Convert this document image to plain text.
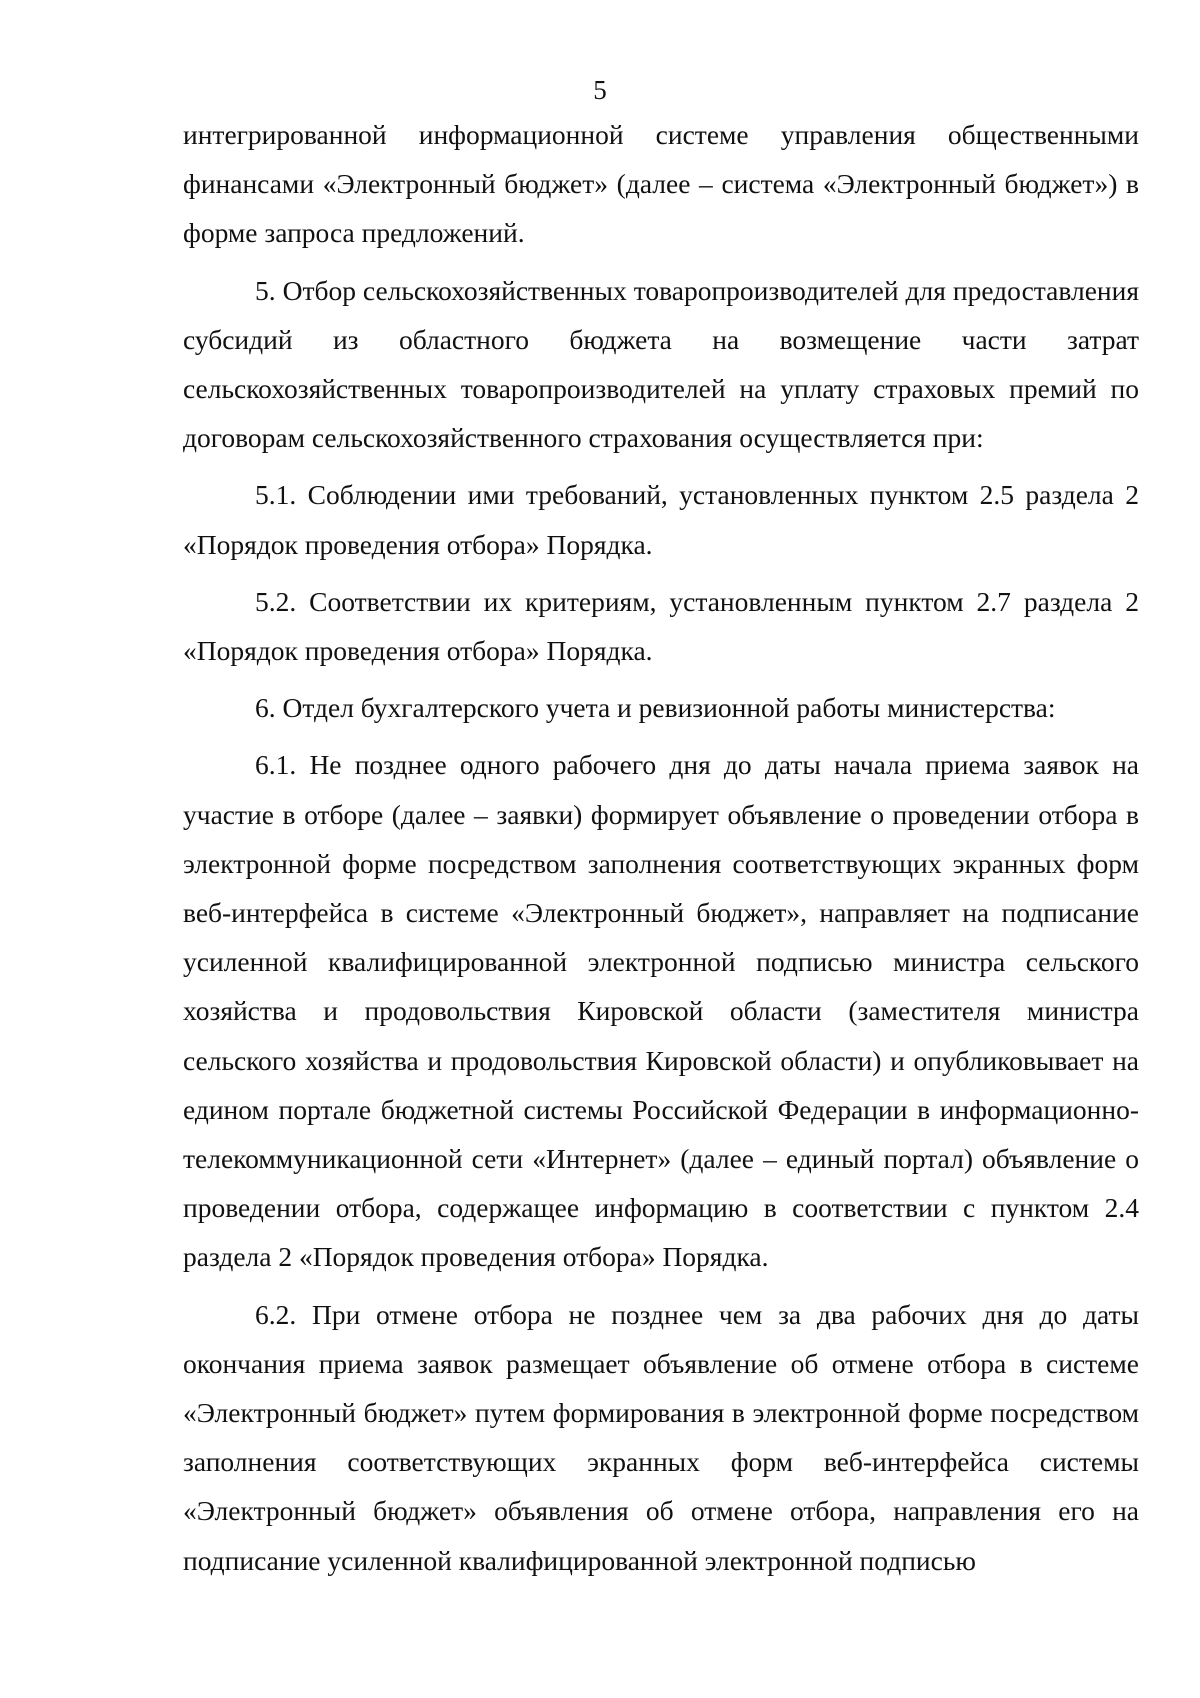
5

интегрированной информационной системе управления общественными финансами «Электронный бюджет» (далее – система «Электронный бюджет») в форме запроса предложений.

5. Отбор сельскохозяйственных товаропроизводителей для предоставления субсидий из областного бюджета на возмещение части затрат сельскохозяйственных товаропроизводителей на уплату страховых премий по договорам сельскохозяйственного страхования осуществляется при:

5.1. Соблюдении ими требований, установленных пунктом 2.5 раздела 2 «Порядок проведения отбора» Порядка.

5.2. Соответствии их критериям, установленным пунктом 2.7 раздела 2 «Порядок проведения отбора» Порядка.

6. Отдел бухгалтерского учета и ревизионной работы министерства:

6.1. Не позднее одного рабочего дня до даты начала приема заявок на участие в отборе (далее – заявки) формирует объявление о проведении отбора в электронной форме посредством заполнения соответствующих экранных форм веб-интерфейса в системе «Электронный бюджет», направляет на подписание усиленной квалифицированной электронной подписью министра сельского хозяйства и продовольствия Кировской области (заместителя министра сельского хозяйства и продовольствия Кировской области) и опубликовывает на едином портале бюджетной системы Российской Федерации в информационно-телекоммуникационной сети «Интернет» (далее – единый портал) объявление о проведении отбора, содержащее информацию в соответствии с пунктом 2.4 раздела 2 «Порядок проведения отбора» Порядка.

6.2. При отмене отбора не позднее чем за два рабочих дня до даты окончания приема заявок размещает объявление об отмене отбора в системе «Электронный бюджет» путем формирования в электронной форме посредством заполнения соответствующих экранных форм веб-интерфейса системы «Электронный бюджет» объявления об отмене отбора, направления его на подписание усиленной квалифицированной электронной подписью
